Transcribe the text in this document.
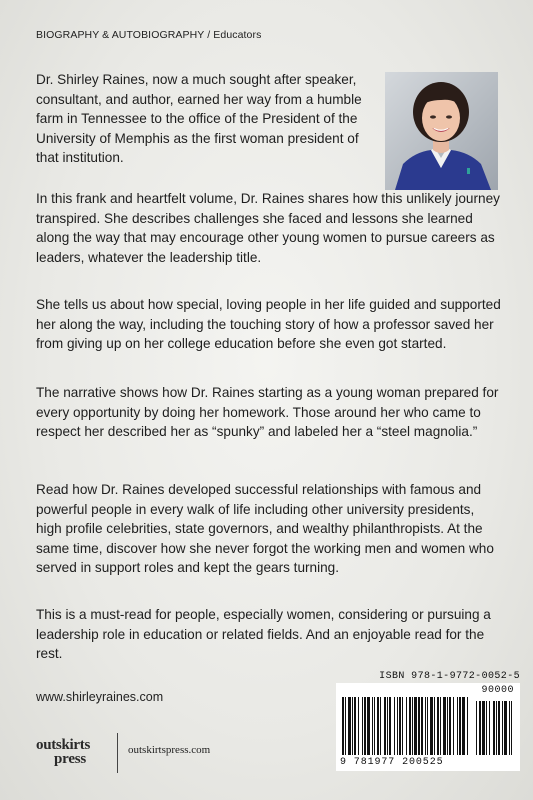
BIOGRAPHY & AUTOBIOGRAPHY / Educators

Dr. Shirley Raines, now a much sought after speaker, consultant, and author, earned her way from a humble farm in Tennessee to the office of the President of the University of Memphis as the first woman president of that institution.

In this frank and heartfelt volume, Dr. Raines shares how this unlikely journey transpired. She describes challenges she faced and lessons she learned along the way that may encourage other young women to pursue careers as leaders, whatever the leadership title.

She tells us about how special, loving people in her life guided and supported her along the way, including the touching story of how a professor saved her from giving up on her college education before she even got started.

The narrative shows how Dr. Raines starting as a young woman prepared for every opportunity by doing her homework. Those around her who came to respect her described her as “spunky” and labeled her a “steel magnolia.”

Read how Dr. Raines developed successful relationships with famous and powerful people in every walk of life including other university presidents, high profile celebrities, state governors, and wealthy philanthropists. At the same time, discover how she never forgot the working men and women who served in support roles and kept the gears turning.

This is a must-read for people, especially women, considering or pursuing a leadership role in education or related fields. And an enjoyable read for the rest.

www.shirleyraines.com
outskirts
press
outskirtspress.com
ISBN 978-1-9772-0052-5
90000
9 781977 200525
